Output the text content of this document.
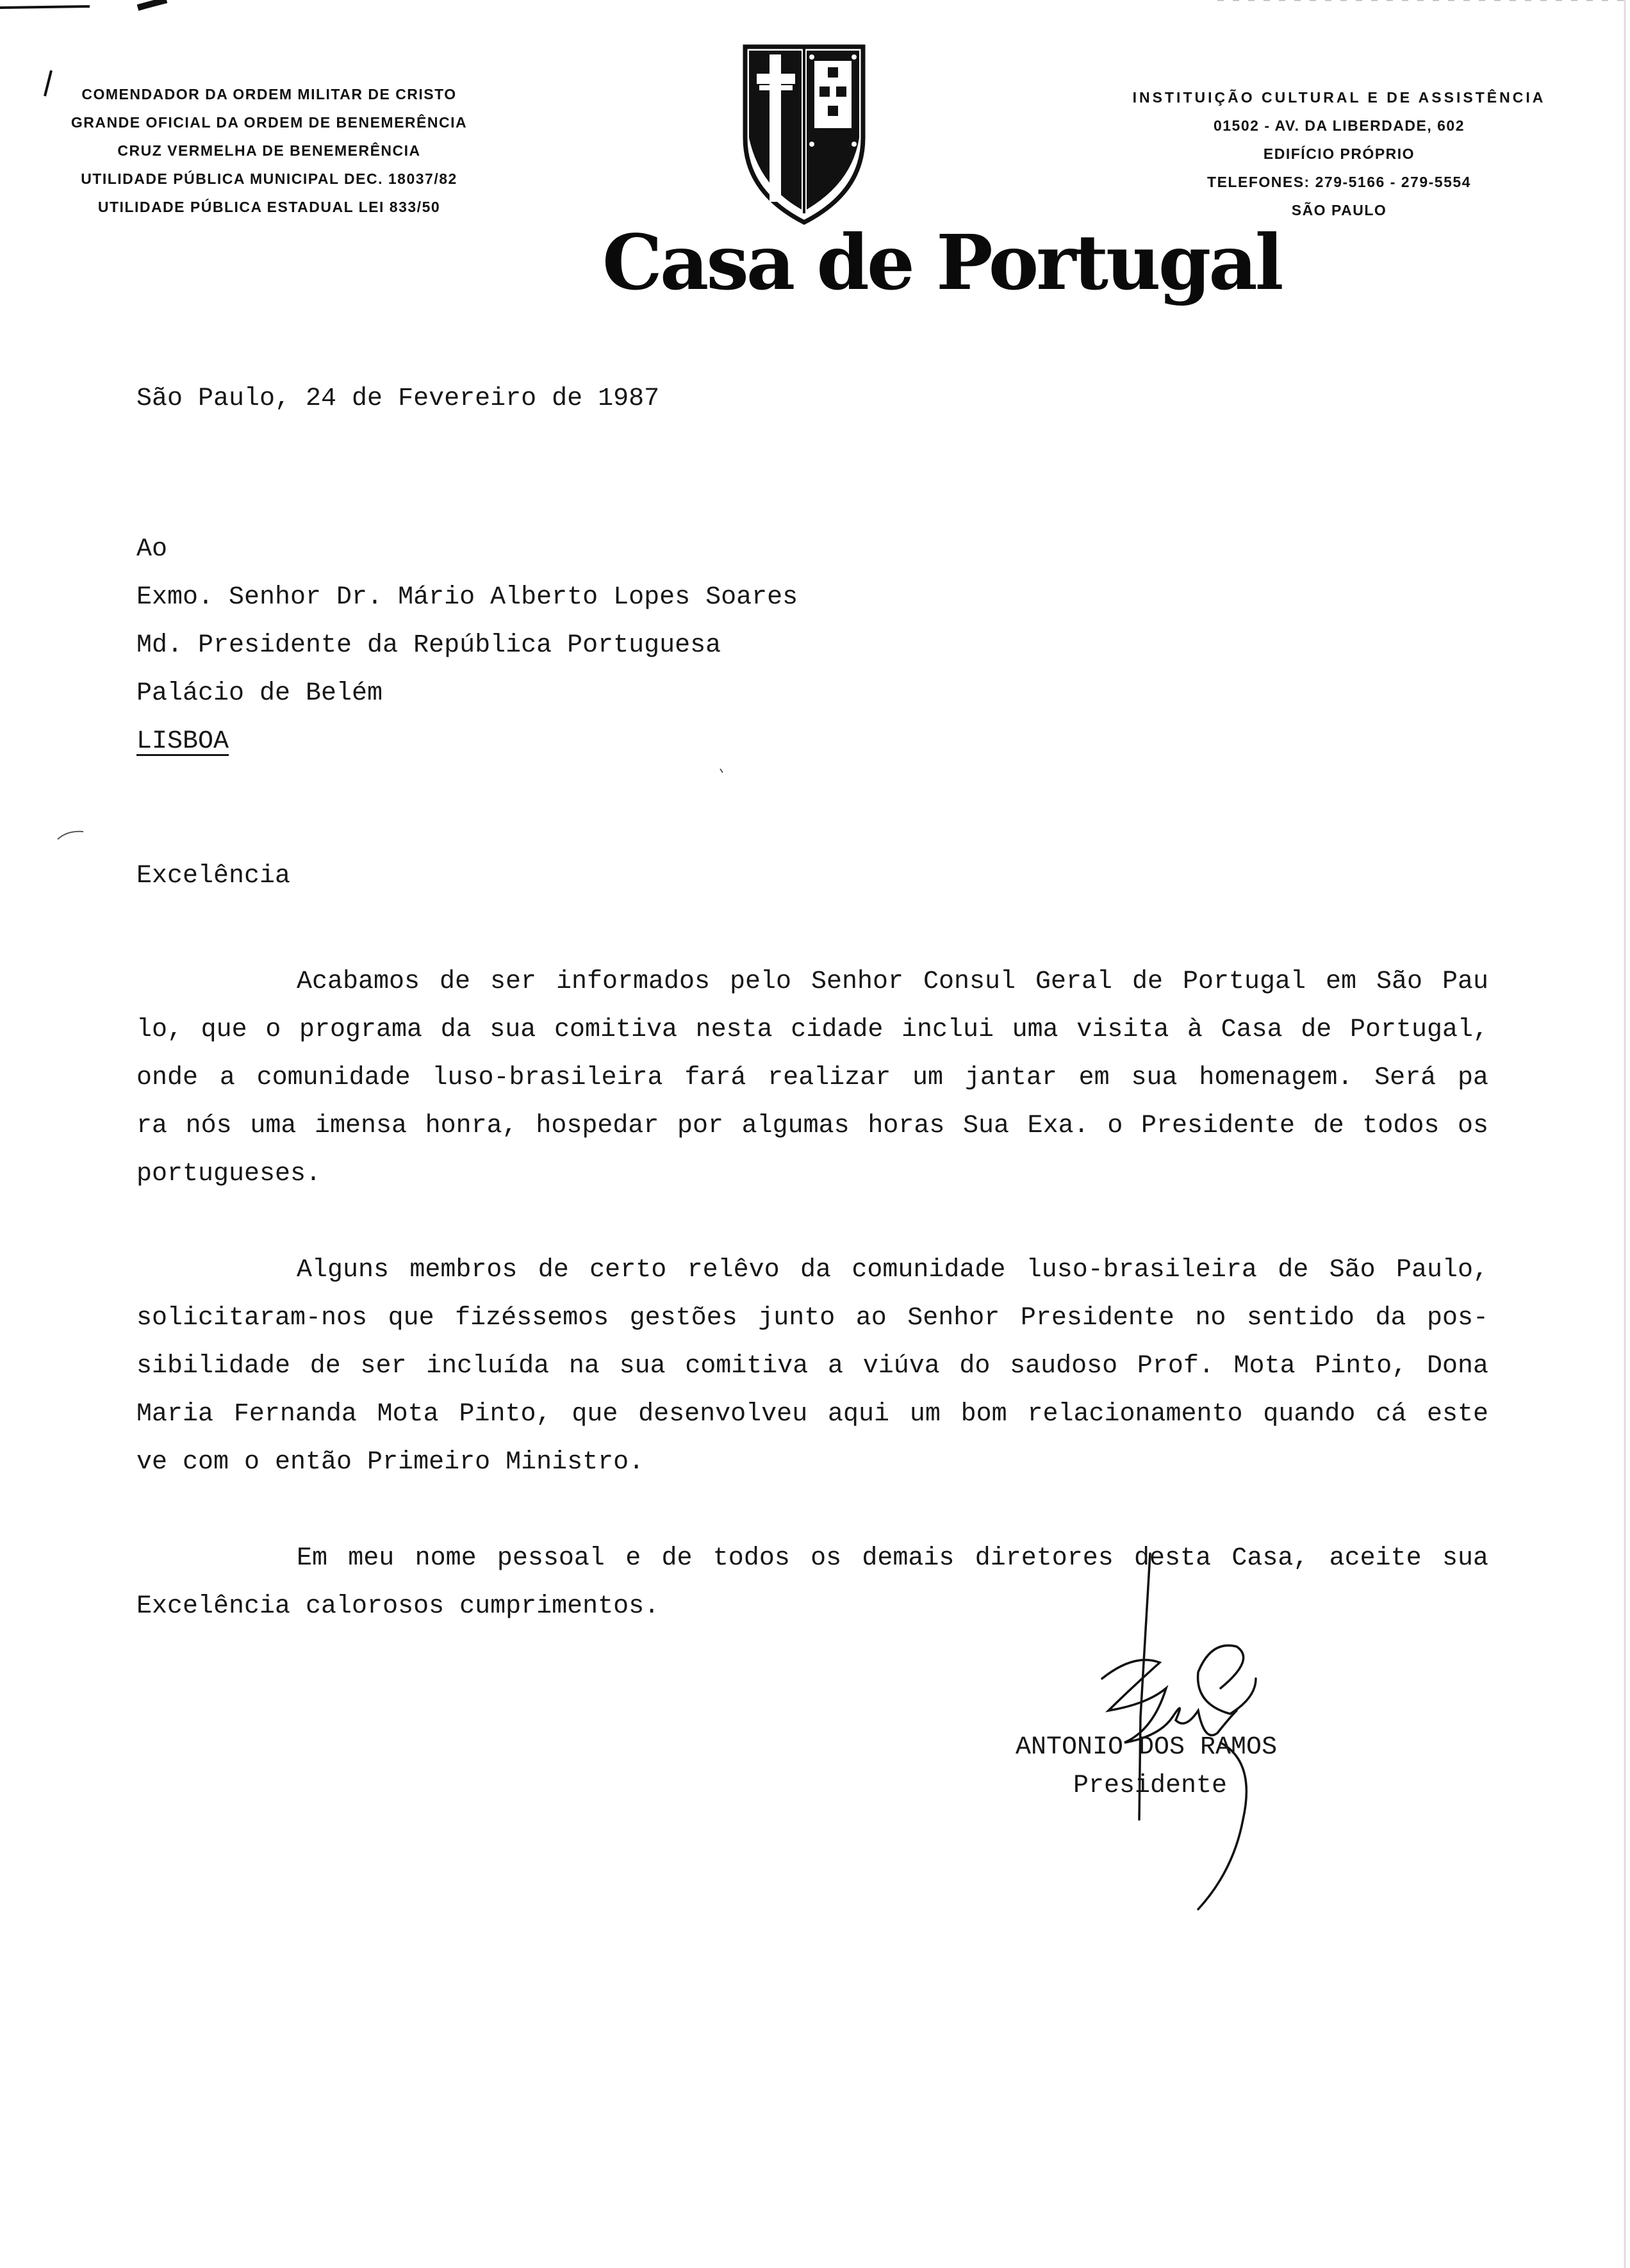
COMENDADOR DA ORDEM MILITAR DE CRISTO
GRANDE OFICIAL DA ORDEM DE BENEMERÊNCIA
CRUZ VERMELHA DE BENEMERÊNCIA
UTILIDADE PÚBLICA MUNICIPAL DEC. 18037/82
UTILIDADE PÚBLICA ESTADUAL LEI 833/50
Casa de Portugal
INSTITUIÇÃO CULTURAL E DE ASSISTÊNCIA
01502 - AV. DA LIBERDADE, 602
EDIFÍCIO PRÓPRIO
TELEFONES: 279-5166 - 279-5554
SÃO PAULO
São Paulo, 24 de Fevereiro de 1987
Ao
Exmo. Senhor Dr. Mário Alberto Lopes Soares
Md. Presidente da República Portuguesa
Palácio de Belém
LISBOA
Excelência
Acabamos de ser informados pelo Senhor Consul Geral de Portugal em São Pau
lo, que o programa da sua comitiva nesta cidade inclui uma visita à Casa de Portugal,
onde a comunidade luso-brasileira fará realizar um jantar em sua homenagem. Será pa
ra nós uma imensa honra, hospedar por algumas horas Sua Exa. o Presidente de todos os
portugueses.
Alguns membros de certo relêvo da comunidade luso-brasileira de São Paulo,
solicitaram-nos que fizéssemos gestões junto ao Senhor Presidente no sentido da pos-
sibilidade de ser incluída na sua comitiva a viúva do saudoso Prof. Mota Pinto, Dona
Maria Fernanda Mota Pinto, que desenvolveu aqui um bom relacionamento quando cá este
ve com o então Primeiro Ministro.
Em meu nome pessoal e de todos os demais diretores desta Casa, aceite sua
Excelência calorosos cumprimentos.
ANTONIO DOS RAMOS
Presidente
